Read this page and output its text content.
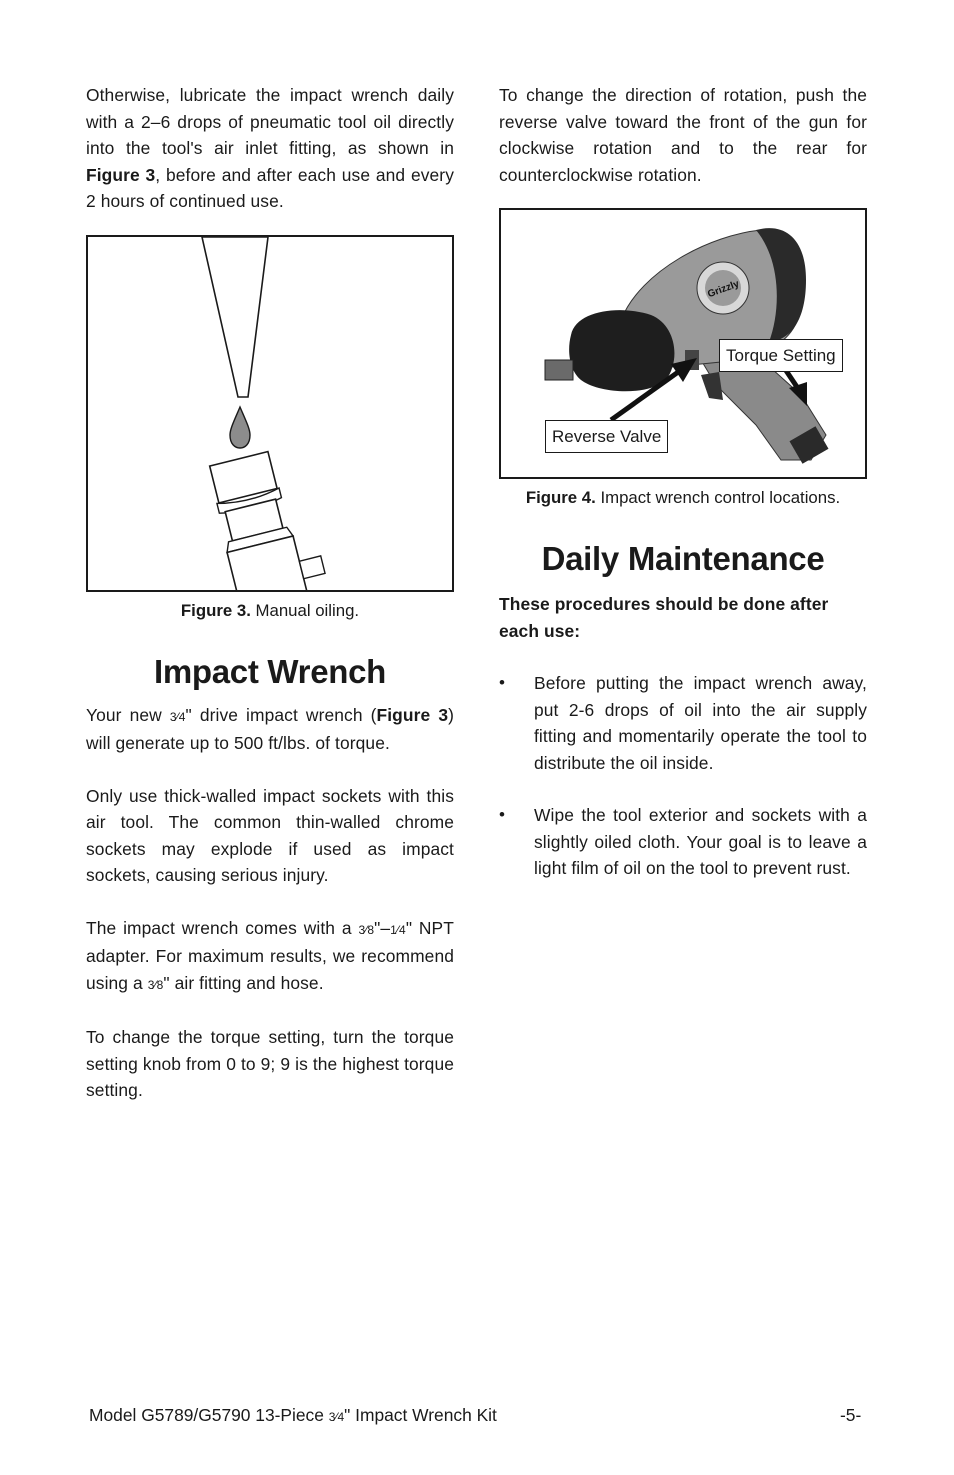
Otherwise, lubricate the impact wrench daily with a 2–6 drops of pneumatic tool oil directly into the tool's air inlet fitting, as shown in Figure 3, before and after each use and every 2 hours of continued use.

Figure 3. Manual oiling.
Impact Wrench

Your new 3⁄4" drive impact wrench (Figure 3) will generate up to 500 ft/lbs. of torque.

Only use thick-walled impact sockets with this air tool. The common thin-walled chrome sockets may explode if used as impact sockets, causing serious injury.

The impact wrench comes with a 3⁄8"–1⁄4" NPT adapter. For maximum results, we recommend using a 3⁄8" air fitting and hose.

To change the torque setting, turn the torque setting knob from 0 to 9; 9 is the highest torque setting.

To change the direction of rotation, push the reverse valve toward the front of the gun for clockwise rotation and to the rear for counterclockwise rotation.

Grizzly
Torque Setting
Reverse Valve
Figure 4. Impact wrench control locations.
Daily Maintenance

These procedures should be done after each use:

•	Before putting the impact wrench away, put 2-6 drops of oil into the air supply fitting and momentarily operate the tool to distribute the oil inside.

•	Wipe the tool exterior and sockets with a slightly oiled cloth. Your goal is to leave a light film of oil on the tool to prevent rust.

Model G5789/G5790 13-Piece 3⁄4" Impact Wrench Kit	-5-
